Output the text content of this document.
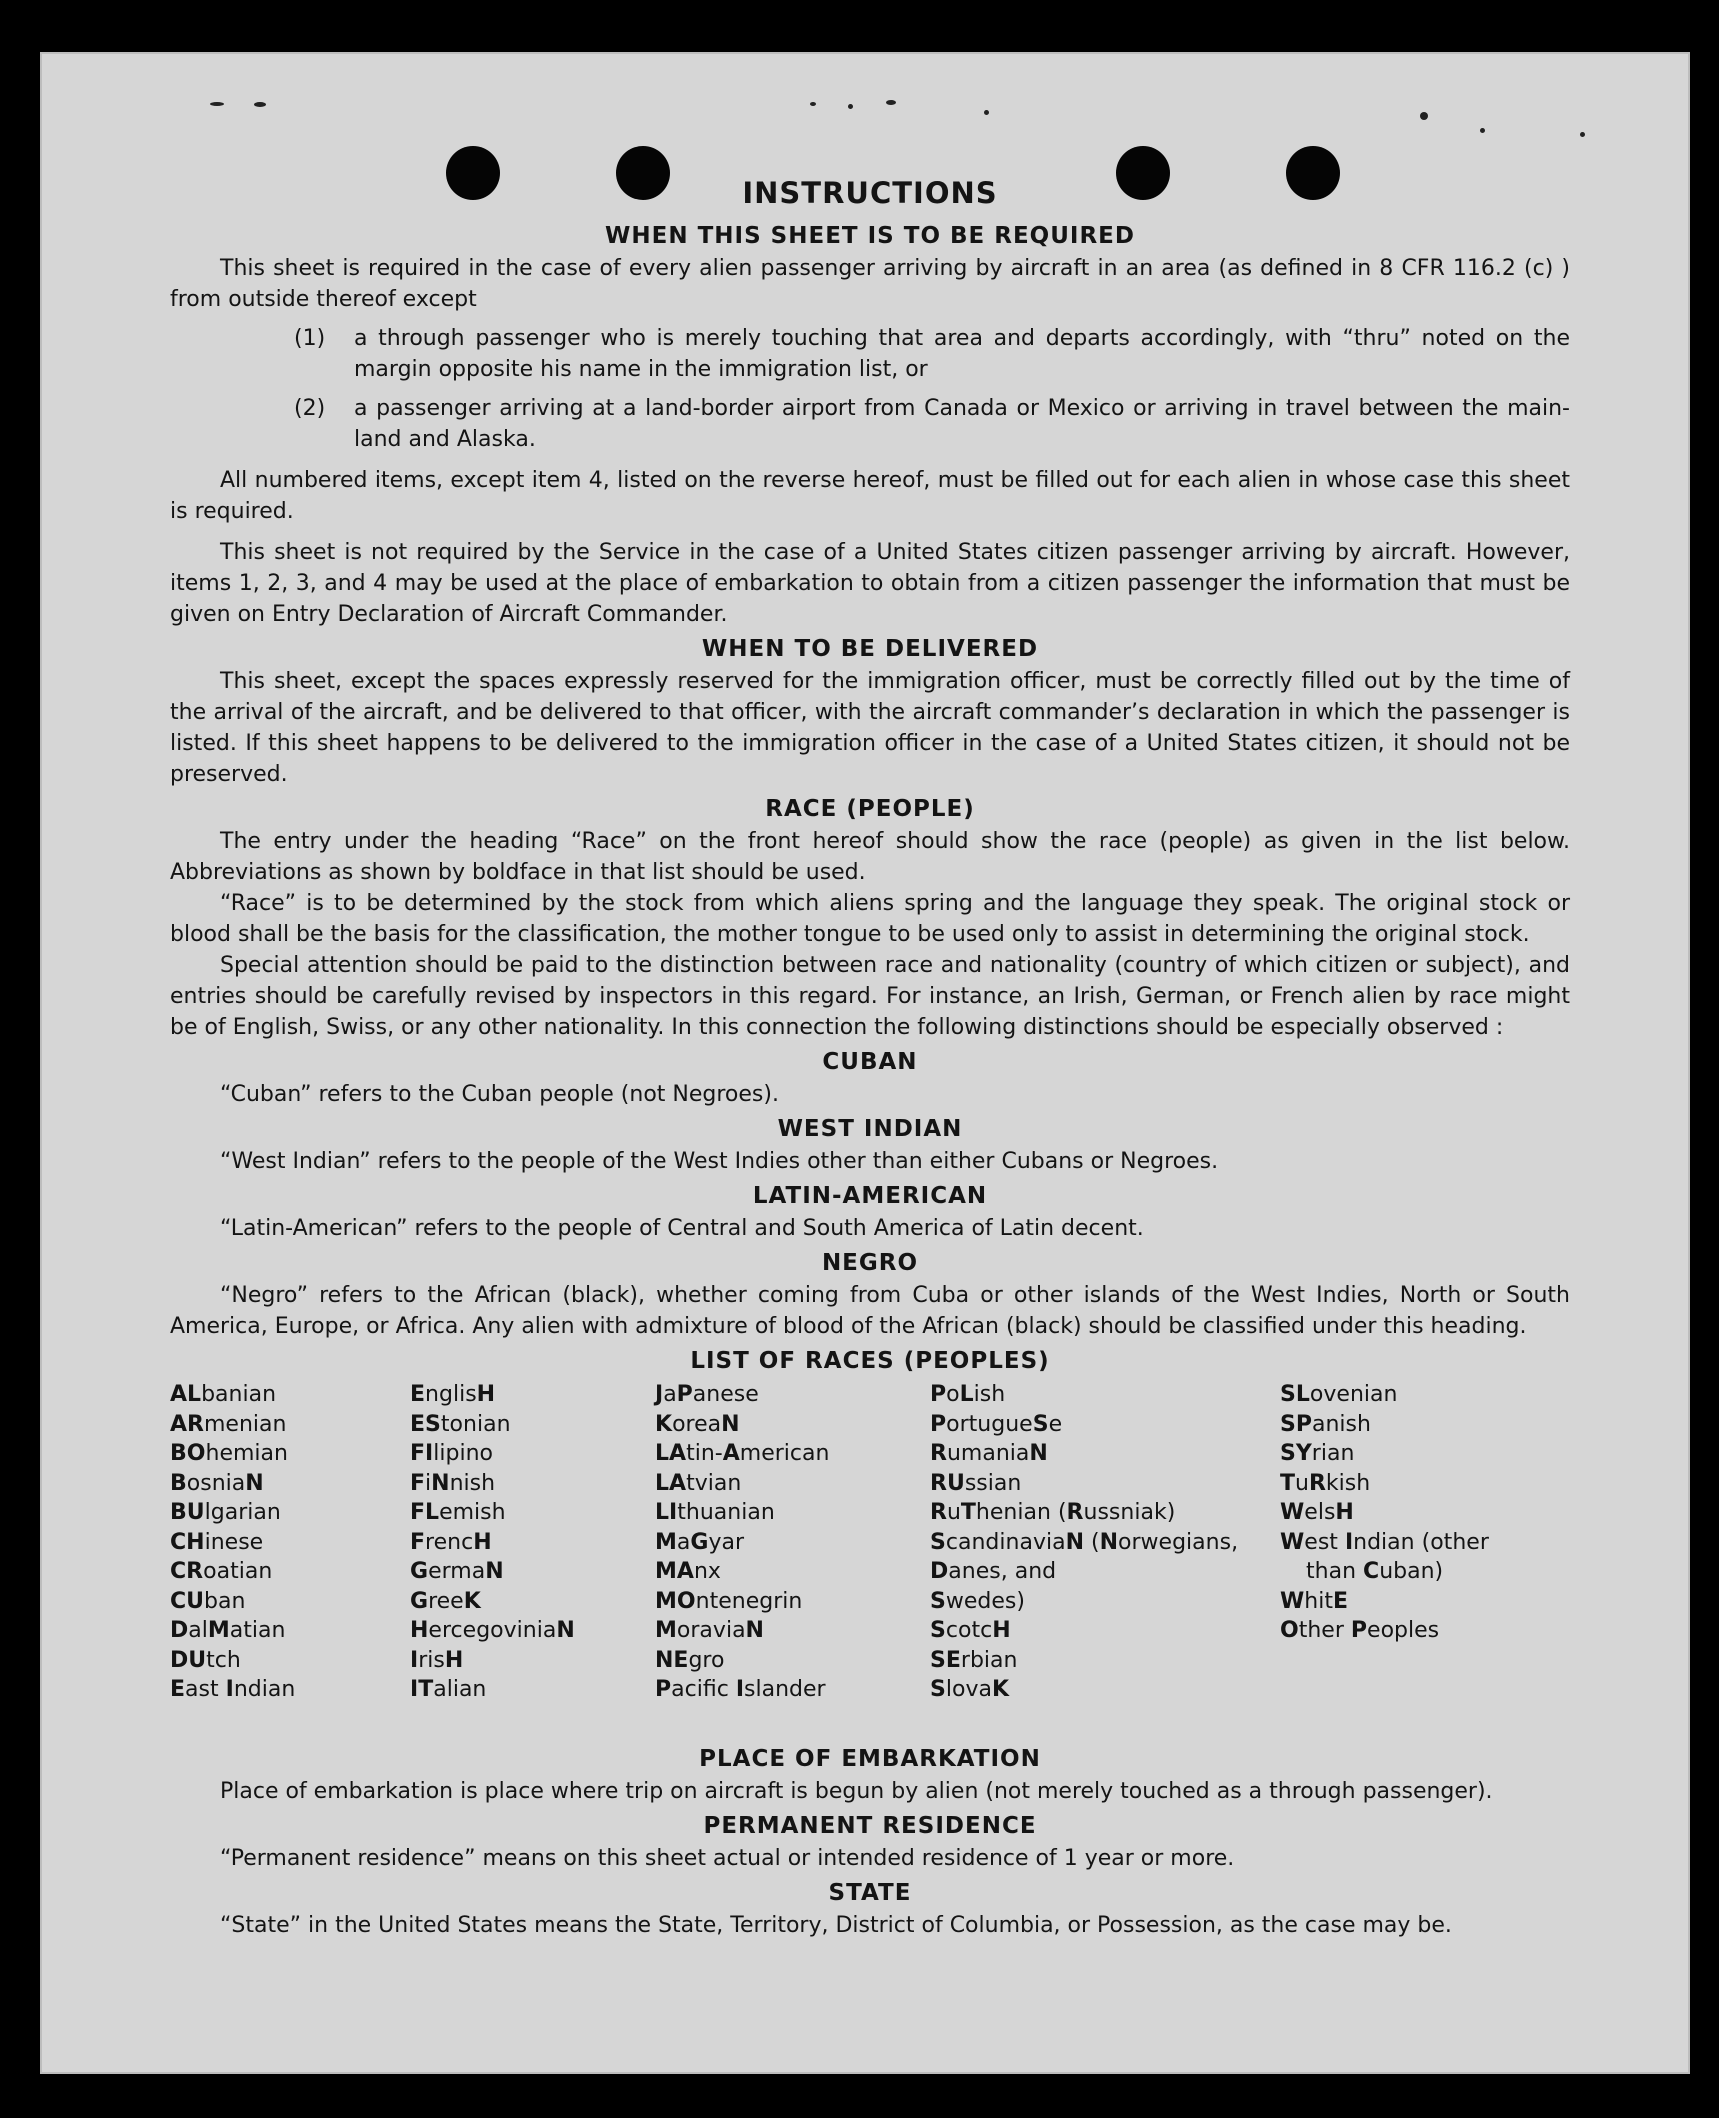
INSTRUCTIONS
WHEN THIS SHEET IS TO BE REQUIRED

This sheet is required in the case of every alien passenger arriving by aircraft in an area (as defined in 8 CFR 116.2 (c) ) from outside thereof except

(1)	a through passenger who is merely touching that area and departs accordingly, with “thru” noted on the margin opposite his name in the immigration list, or
(2)	a passenger arriving at a land-border airport from Canada or Mexico or arriving in travel between the main-land and Alaska.

All numbered items, except item 4, listed on the reverse hereof, must be filled out for each alien in whose case this sheet is required.

This sheet is not required by the Service in the case of a United States citizen passenger arriving by aircraft. However, items 1, 2, 3, and 4 may be used at the place of embarkation to obtain from a citizen passenger the information that must be given on Entry Declaration of Aircraft Commander.

WHEN TO BE DELIVERED

This sheet, except the spaces expressly reserved for the immigration officer, must be correctly filled out by the time of the arrival of the aircraft, and be delivered to that officer, with the aircraft commander’s declaration in which the passenger is listed. If this sheet happens to be delivered to the immigration officer in the case of a United States citizen, it should not be preserved.

RACE (PEOPLE)

The entry under the heading “Race” on the front hereof should show the race (people) as given in the list below. Abbreviations as shown by boldface in that list should be used.

“Race” is to be determined by the stock from which aliens spring and the language they speak. The original stock or blood shall be the basis for the classification, the mother tongue to be used only to assist in determining the original stock.

Special attention should be paid to the distinction between race and nationality (country of which citizen or subject), and entries should be carefully revised by inspectors in this regard. For instance, an Irish, German, or French alien by race might be of English, Swiss, or any other nationality. In this connection the following distinctions should be especially observed :

CUBAN

“Cuban” refers to the Cuban people (not Negroes).

WEST INDIAN

“West Indian” refers to the people of the West Indies other than either Cubans or Negroes.

LATIN-AMERICAN

“Latin-American” refers to the people of Central and South America of Latin decent.

NEGRO

“Negro” refers to the African (black), whether coming from Cuba or other islands of the West Indies, North or South America, Europe, or Africa. Any alien with admixture of blood of the African (black) should be classified under this heading.

LIST OF RACES (PEOPLES)
ALbanian
ARmenian
BOhemian
BosniaN
BUlgarian
CHinese
CRoatian
CUban
DalMatian
DUtch
East Indian
EnglisH
EStonian
FIlipino
FiNnish
FLemish
FrencH
GermaN
GreeK
HercegoviniaN
IrisH
ITalian
JaPanese
KoreaN
LAtin-American
LAtvian
LIthuanian
MaGyar
MAnx
MOntenegrin
MoraviaN
NEgro
Pacifc Islander
PoLish
PortugueSe
RumaniaN
RUssian
RuThenian (Russniak)
ScandinaviaN (Norwegians,
Danes, and
Swedes)
ScotcH
SErbian
SlovaK
SLovenian
SPanish
SYrian
TuRkish
WelsH
West Indian (other
than Cuban)
WhitE
Other Peoples
PLACE OF EMBARKATION

Place of embarkation is place where trip on aircraft is begun by alien (not merely touched as a through passenger).

PERMANENT RESIDENCE

“Permanent residence” means on this sheet actual or intended residence of 1 year or more.

STATE

“State” in the United States means the State, Territory, District of Columbia, or Possession, as the case may be.
